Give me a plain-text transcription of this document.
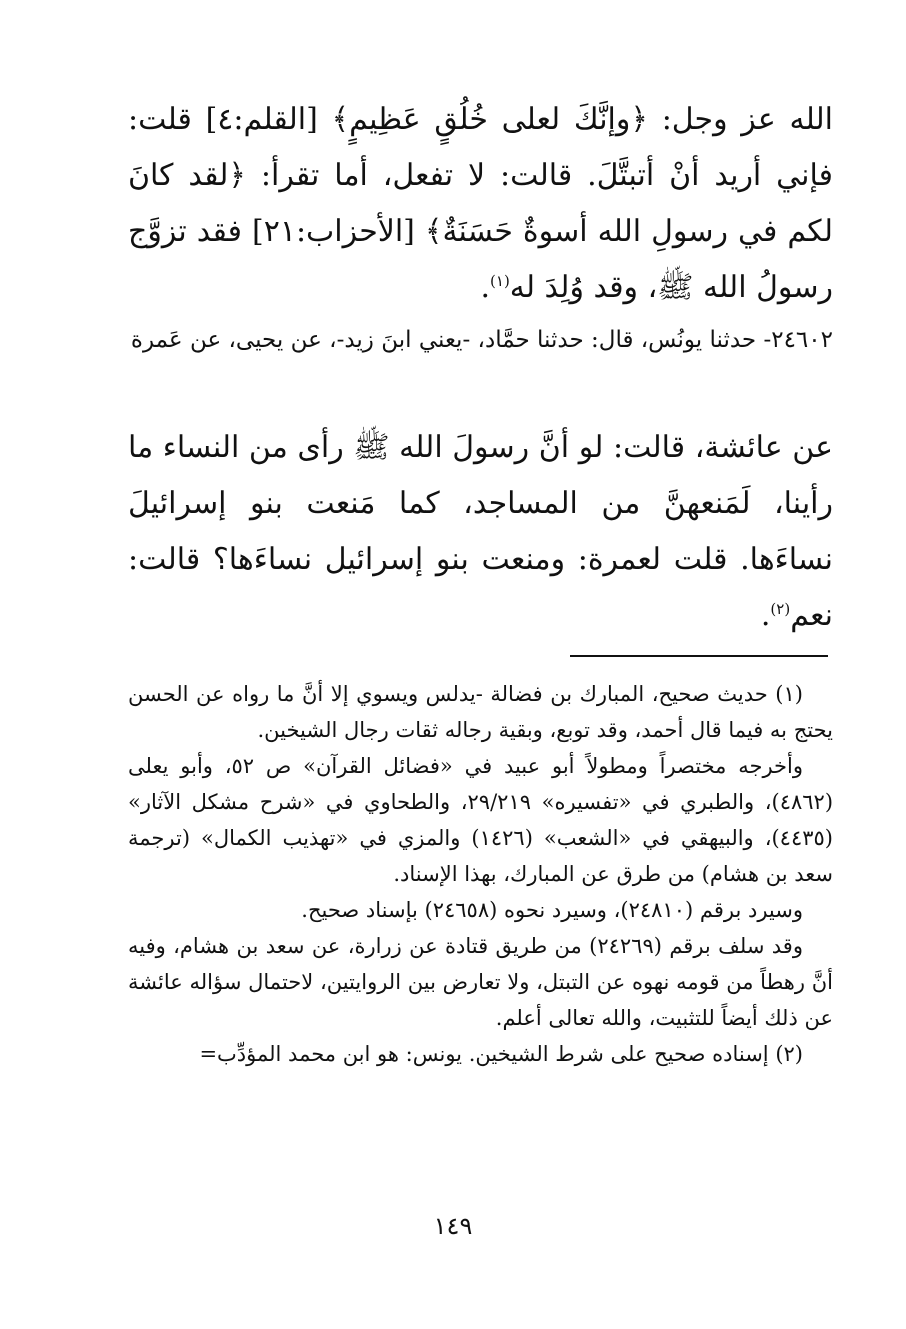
الله عز وجل: ﴿وإنَّكَ لعلى خُلُقٍ عَظِيمٍ﴾ [القلم:٤] قلت: فإني أريد أنْ أتبتَّلَ. قالت: لا تفعل، أما تقرأ: ﴿لقد كانَ لكم في رسولِ الله أسوةٌ حَسَنَةٌ﴾ [الأحزاب:٢١] فقد تزوَّج رسولُ الله ﷺ، وقد وُلِدَ له$^{(١)}$.

٢٤٦٠٢- حدثنا يونُس، قال: حدثنا حمَّاد، -يعني ابنَ زيد-، عن يحيى، عن عَمرة

عن عائشة، قالت: لو أنَّ رسولَ الله ﷺ رأى من النساء ما رأينا، لَمَنعهنَّ من المساجد، كما مَنعت بنو إسرائيلَ نساءَها. قلت لعمرة: ومنعت بنو إسرائيل نساءَها؟ قالت: نعم$^{(٢)}$.

(١) حديث صحيح، المبارك بن فضالة -يدلس ويسوي إلا أنَّ ما رواه عن الحسن يحتج به فيما قال أحمد، وقد توبع، وبقية رجاله ثقات رجال الشيخين.

وأخرجه مختصراً ومطولاً أبو عبيد في «فضائل القرآن» ص ٥٢، وأبو يعلى (٤٨٦٢)، والطبري في «تفسيره» ٢٩/٢١٩، والطحاوي في «شرح مشكل الآثار» (٤٤٣٥)، والبيهقي في «الشعب» (١٤٢٦) والمزي في «تهذيب الكمال» (ترجمة سعد بن هشام) من طرق عن المبارك، بهذا الإسناد.

وسيرد برقم (٢٤٨١٠)، وسيرد نحوه (٢٤٦٥٨) بإسناد صحيح.

وقد سلف برقم (٢٤٢٦٩) من طريق قتادة عن زرارة، عن سعد بن هشام، وفيه أنَّ رهطاً من قومه نهوه عن التبتل، ولا تعارض بين الروايتين، لاحتمال سؤاله عائشة عن ذلك أيضاً للتثبيت، والله تعالى أعلم.

(٢) إسناده صحيح على شرط الشيخين. يونس: هو ابن محمد المؤدِّب=

١٤٩
